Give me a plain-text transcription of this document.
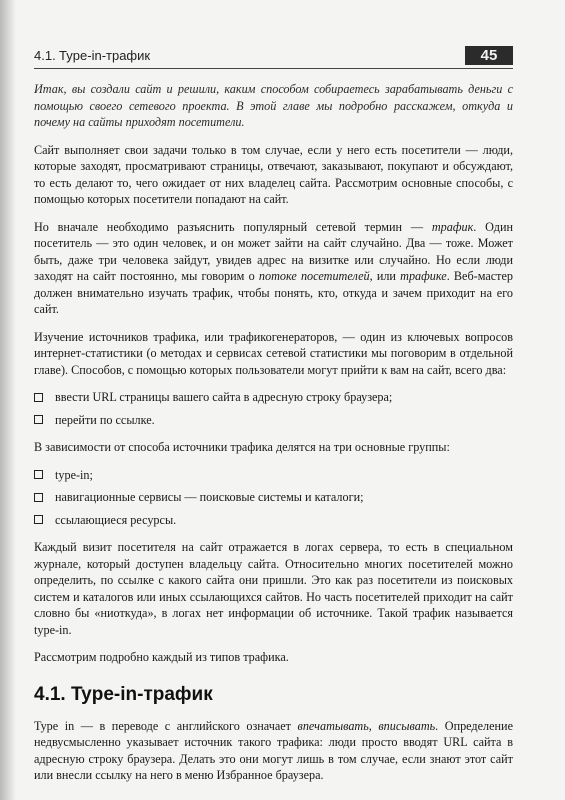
4.1. Type-in-трафик	45

Итак, вы создали сайт и решили, каким способом собираетесь зарабатывать деньги с помощью своего сетевого проекта. В этой главе мы подробно расскажем, откуда и почему на сайты приходят посетители.

Сайт выполняет свои задачи только в том случае, если у него есть посетители — люди, которые заходят, просматривают страницы, отвечают, заказывают, покупают и обсуждают, то есть делают то, чего ожидает от них владелец сайта. Рассмотрим основные способы, с помощью которых посетители попадают на сайт.

Но вначале необходимо разъяснить популярный сетевой термин — трафик. Один посетитель — это один человек, и он может зайти на сайт случайно. Два — тоже. Может быть, даже три человека зайдут, увидев адрес на визитке или случайно. Но если люди заходят на сайт постоянно, мы говорим о потоке посетителей, или трафике. Веб-мастер должен внимательно изучать трафик, чтобы понять, кто, откуда и зачем приходит на его сайт.

Изучение источников трафика, или трафикогенераторов, — один из ключевых вопросов интернет-статистики (о методах и сервисах сетевой статистики мы поговорим в отдельной главе). Способов, с помощью которых пользователи могут прийти к вам на сайт, всего два:

ввести URL страницы вашего сайта в адресную строку браузера;
перейти по ссылке.

В зависимости от способа источники трафика делятся на три основные группы:

type-in;
навигационные сервисы — поисковые системы и каталоги;
ссылающиеся ресурсы.

Каждый визит посетителя на сайт отражается в логах сервера, то есть в специальном журнале, который доступен владельцу сайта. Относительно многих посетителей можно определить, по ссылке с какого сайта они пришли. Это как раз посетители из поисковых систем и каталогов или иных ссылающихся сайтов. Но часть посетителей приходит на сайт словно бы «ниоткуда», в логах нет информации об источнике. Такой трафик называется type-in.

Рассмотрим подробно каждый из типов трафика.

4.1. Type-in-трафик

Type in — в переводе с английского означает впечатывать, вписывать. Определение недвусмысленно указывает источник такого трафика: люди просто вводят URL сайта в адресную строку браузера. Делать это они могут лишь в том случае, если знают этот сайт или внесли ссылку на него в меню Избранное браузера.
